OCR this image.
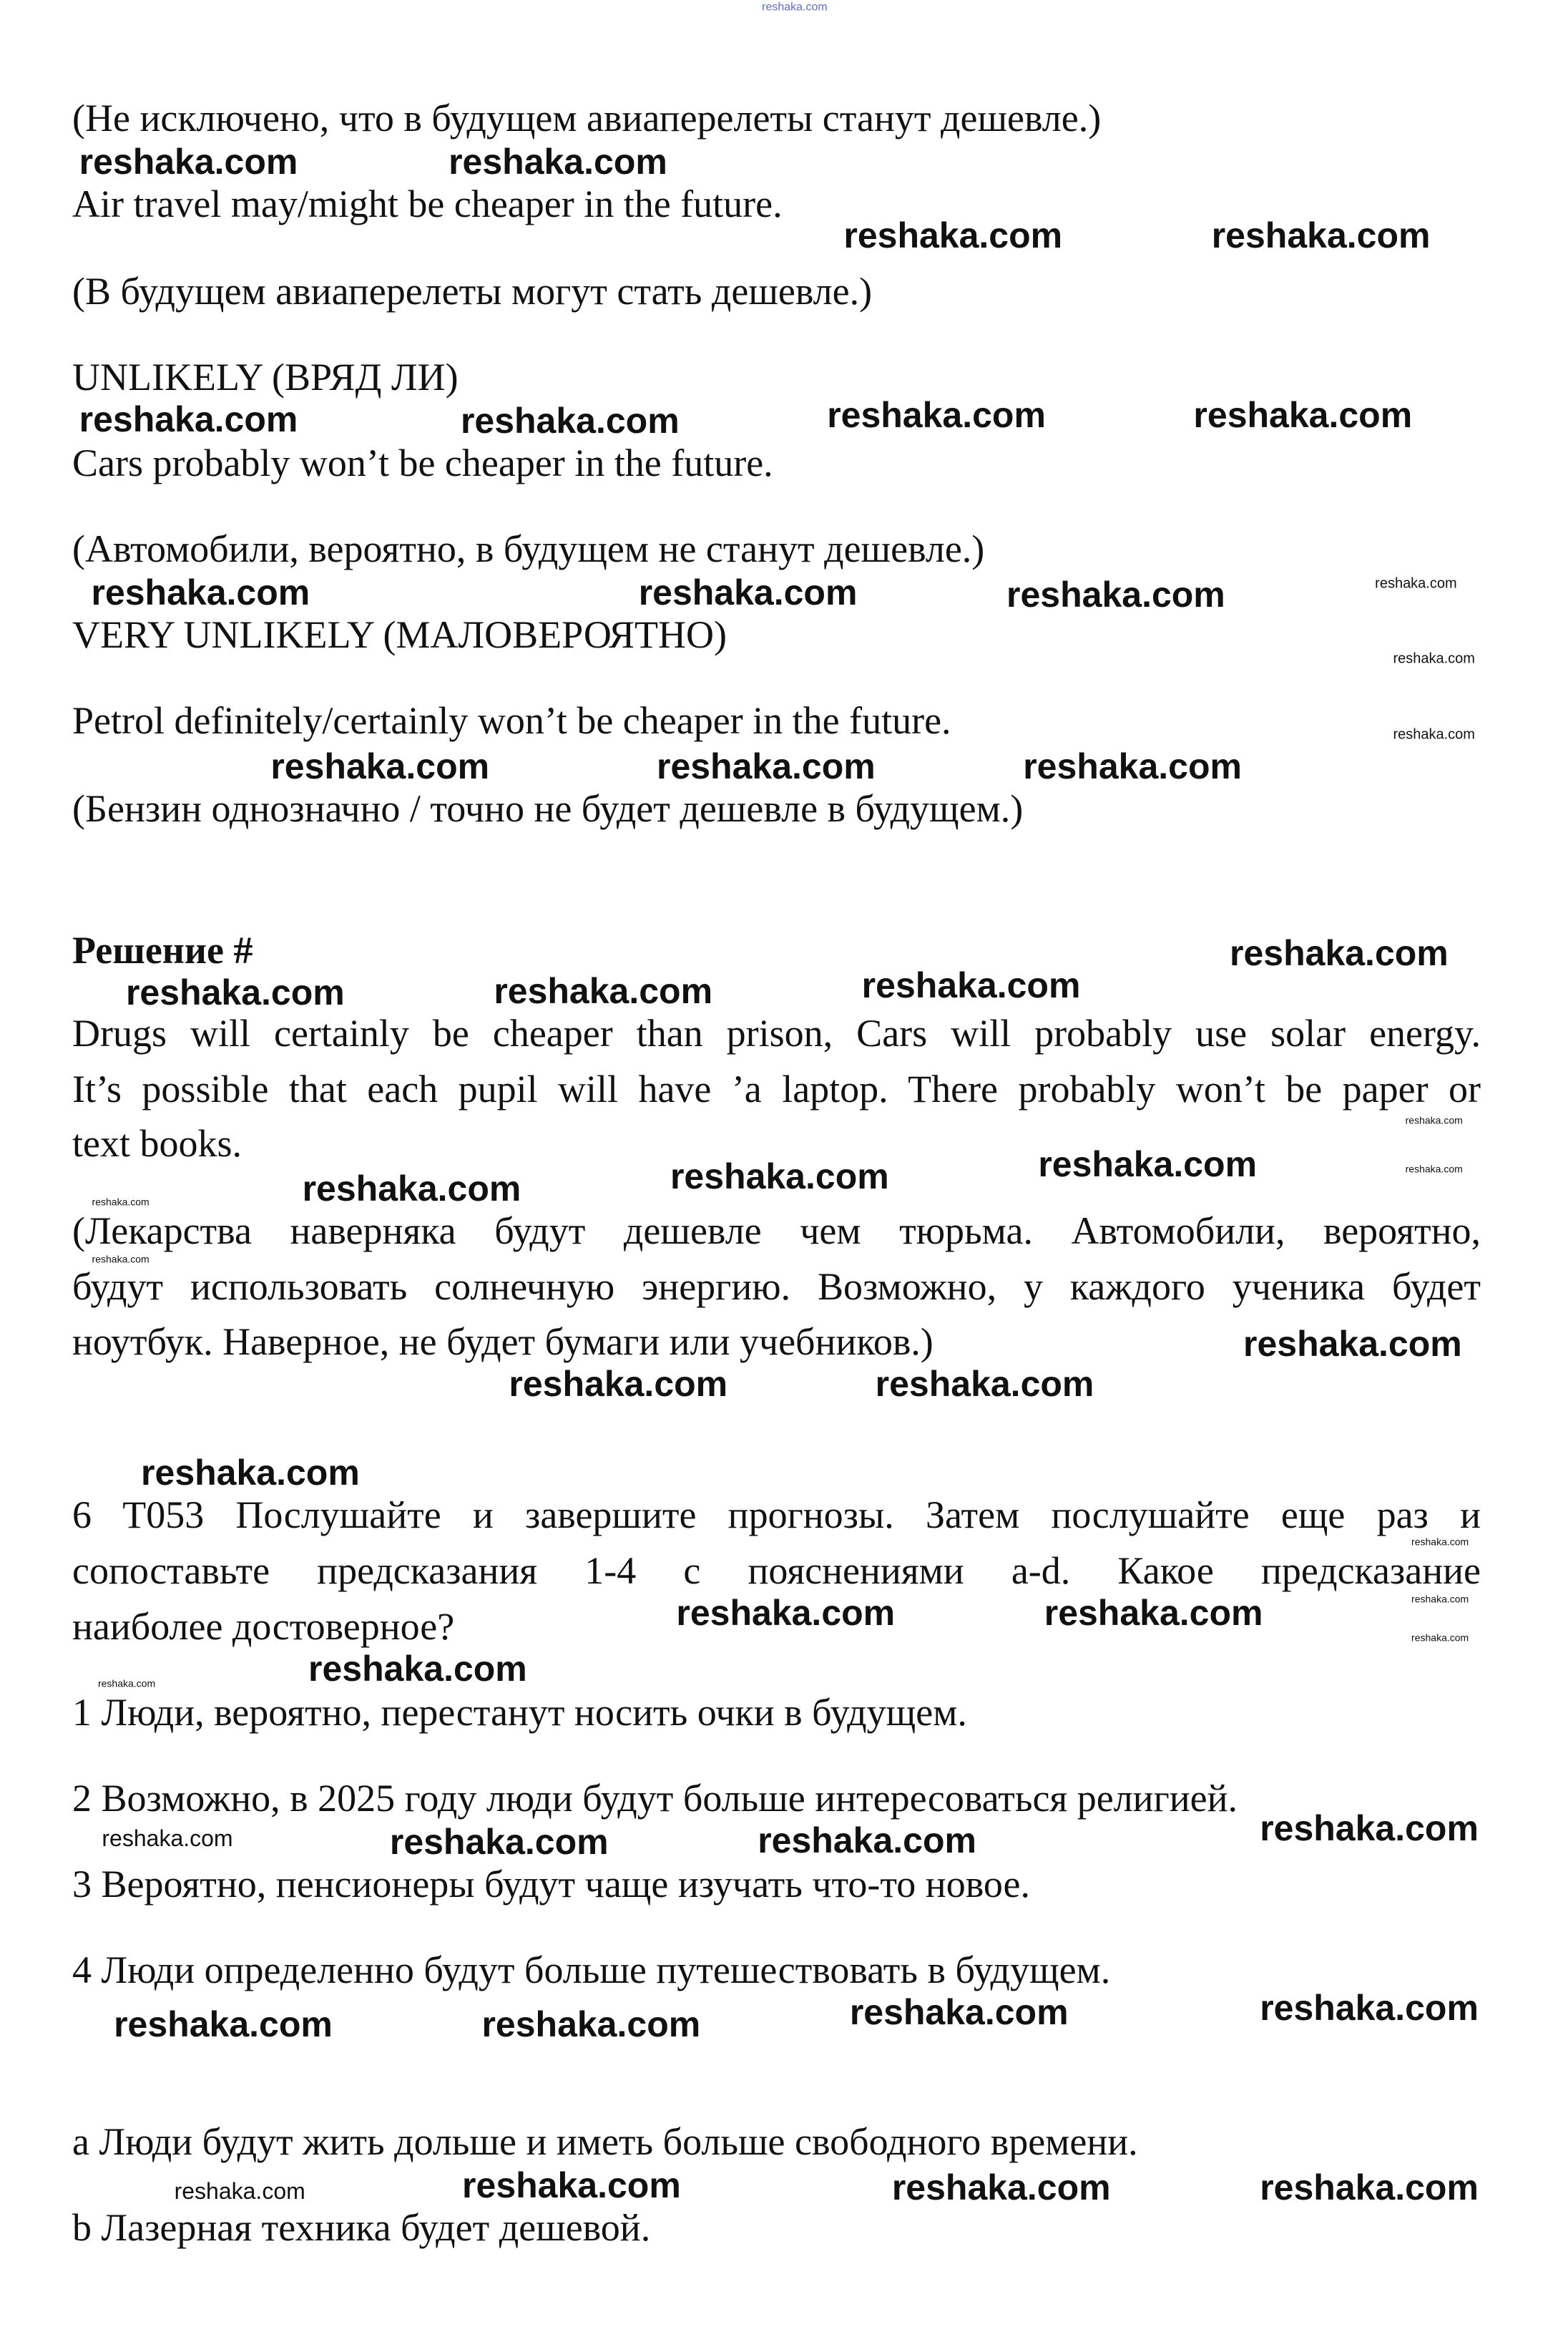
(Не исключено, что в будущем авиаперелеты станут дешевле.)
Air travel may/might be cheaper in the future.
(В будущем авиаперелеты могут стать дешевле.)
UNLIKELY (ВРЯД ЛИ)
Cars probably won’t be cheaper in the future.
(Автомобили, вероятно, в будущем не станут дешевле.)
VERY UNLIKELY (МАЛОВЕРОЯТНО)
Petrol definitely/certainly won’t be cheaper in the future.
(Бензин однозначно / точно не будет дешевле в будущем.)
Решение #
Drugs will certainly be cheaper than prison, Cars will probably use solar energy.
It’s possible that each pupil will have ’a laptop. There probably won’t be paper or
text books.
(Лекарства наверняка будут дешевле чем тюрьма. Автомобили, вероятно,
будут использовать солнечную энергию. Возможно, у каждого ученика будет
ноутбук. Наверное, не будет бумаги или учебников.)
6 T053 Послушайте и завершите прогнозы. Затем послушайте еще раз и
сопоставьте предсказания 1-4 с пояснениями a-d. Какое предсказание
наиболее достоверное?
1 Люди, вероятно, перестанут носить очки в будущем.
2 Возможно, в 2025 году люди будут больше интересоваться религией.
3 Вероятно, пенсионеры будут чаще изучать что-то новое.
4 Люди определенно будут больше путешествовать в будущем.
a Люди будут жить дольше и иметь больше свободного времени.
b Лазерная техника будет дешевой.
reshaka.com
reshaka.com	reshaka.com
reshaka.com	reshaka.com
reshaka.com	reshaka.com	reshaka.com	reshaka.com
reshaka.com	reshaka.com	reshaka.com	reshaka.com
reshaka.com
reshaka.com
reshaka.com	reshaka.com	reshaka.com
reshaka.com
reshaka.com	reshaka.com	reshaka.com
reshaka.com
reshaka.com	reshaka.com	reshaka.com
reshaka.com
reshaka.com
reshaka.com
reshaka.com
reshaka.com	reshaka.com
reshaka.com
reshaka.com
reshaka.com
reshaka.com	reshaka.com
reshaka.com
reshaka.com
reshaka.com
reshaka.com	reshaka.com	reshaka.com	reshaka.com
reshaka.com	reshaka.com	reshaka.com	reshaka.com
reshaka.com	reshaka.com	reshaka.com	reshaka.com
